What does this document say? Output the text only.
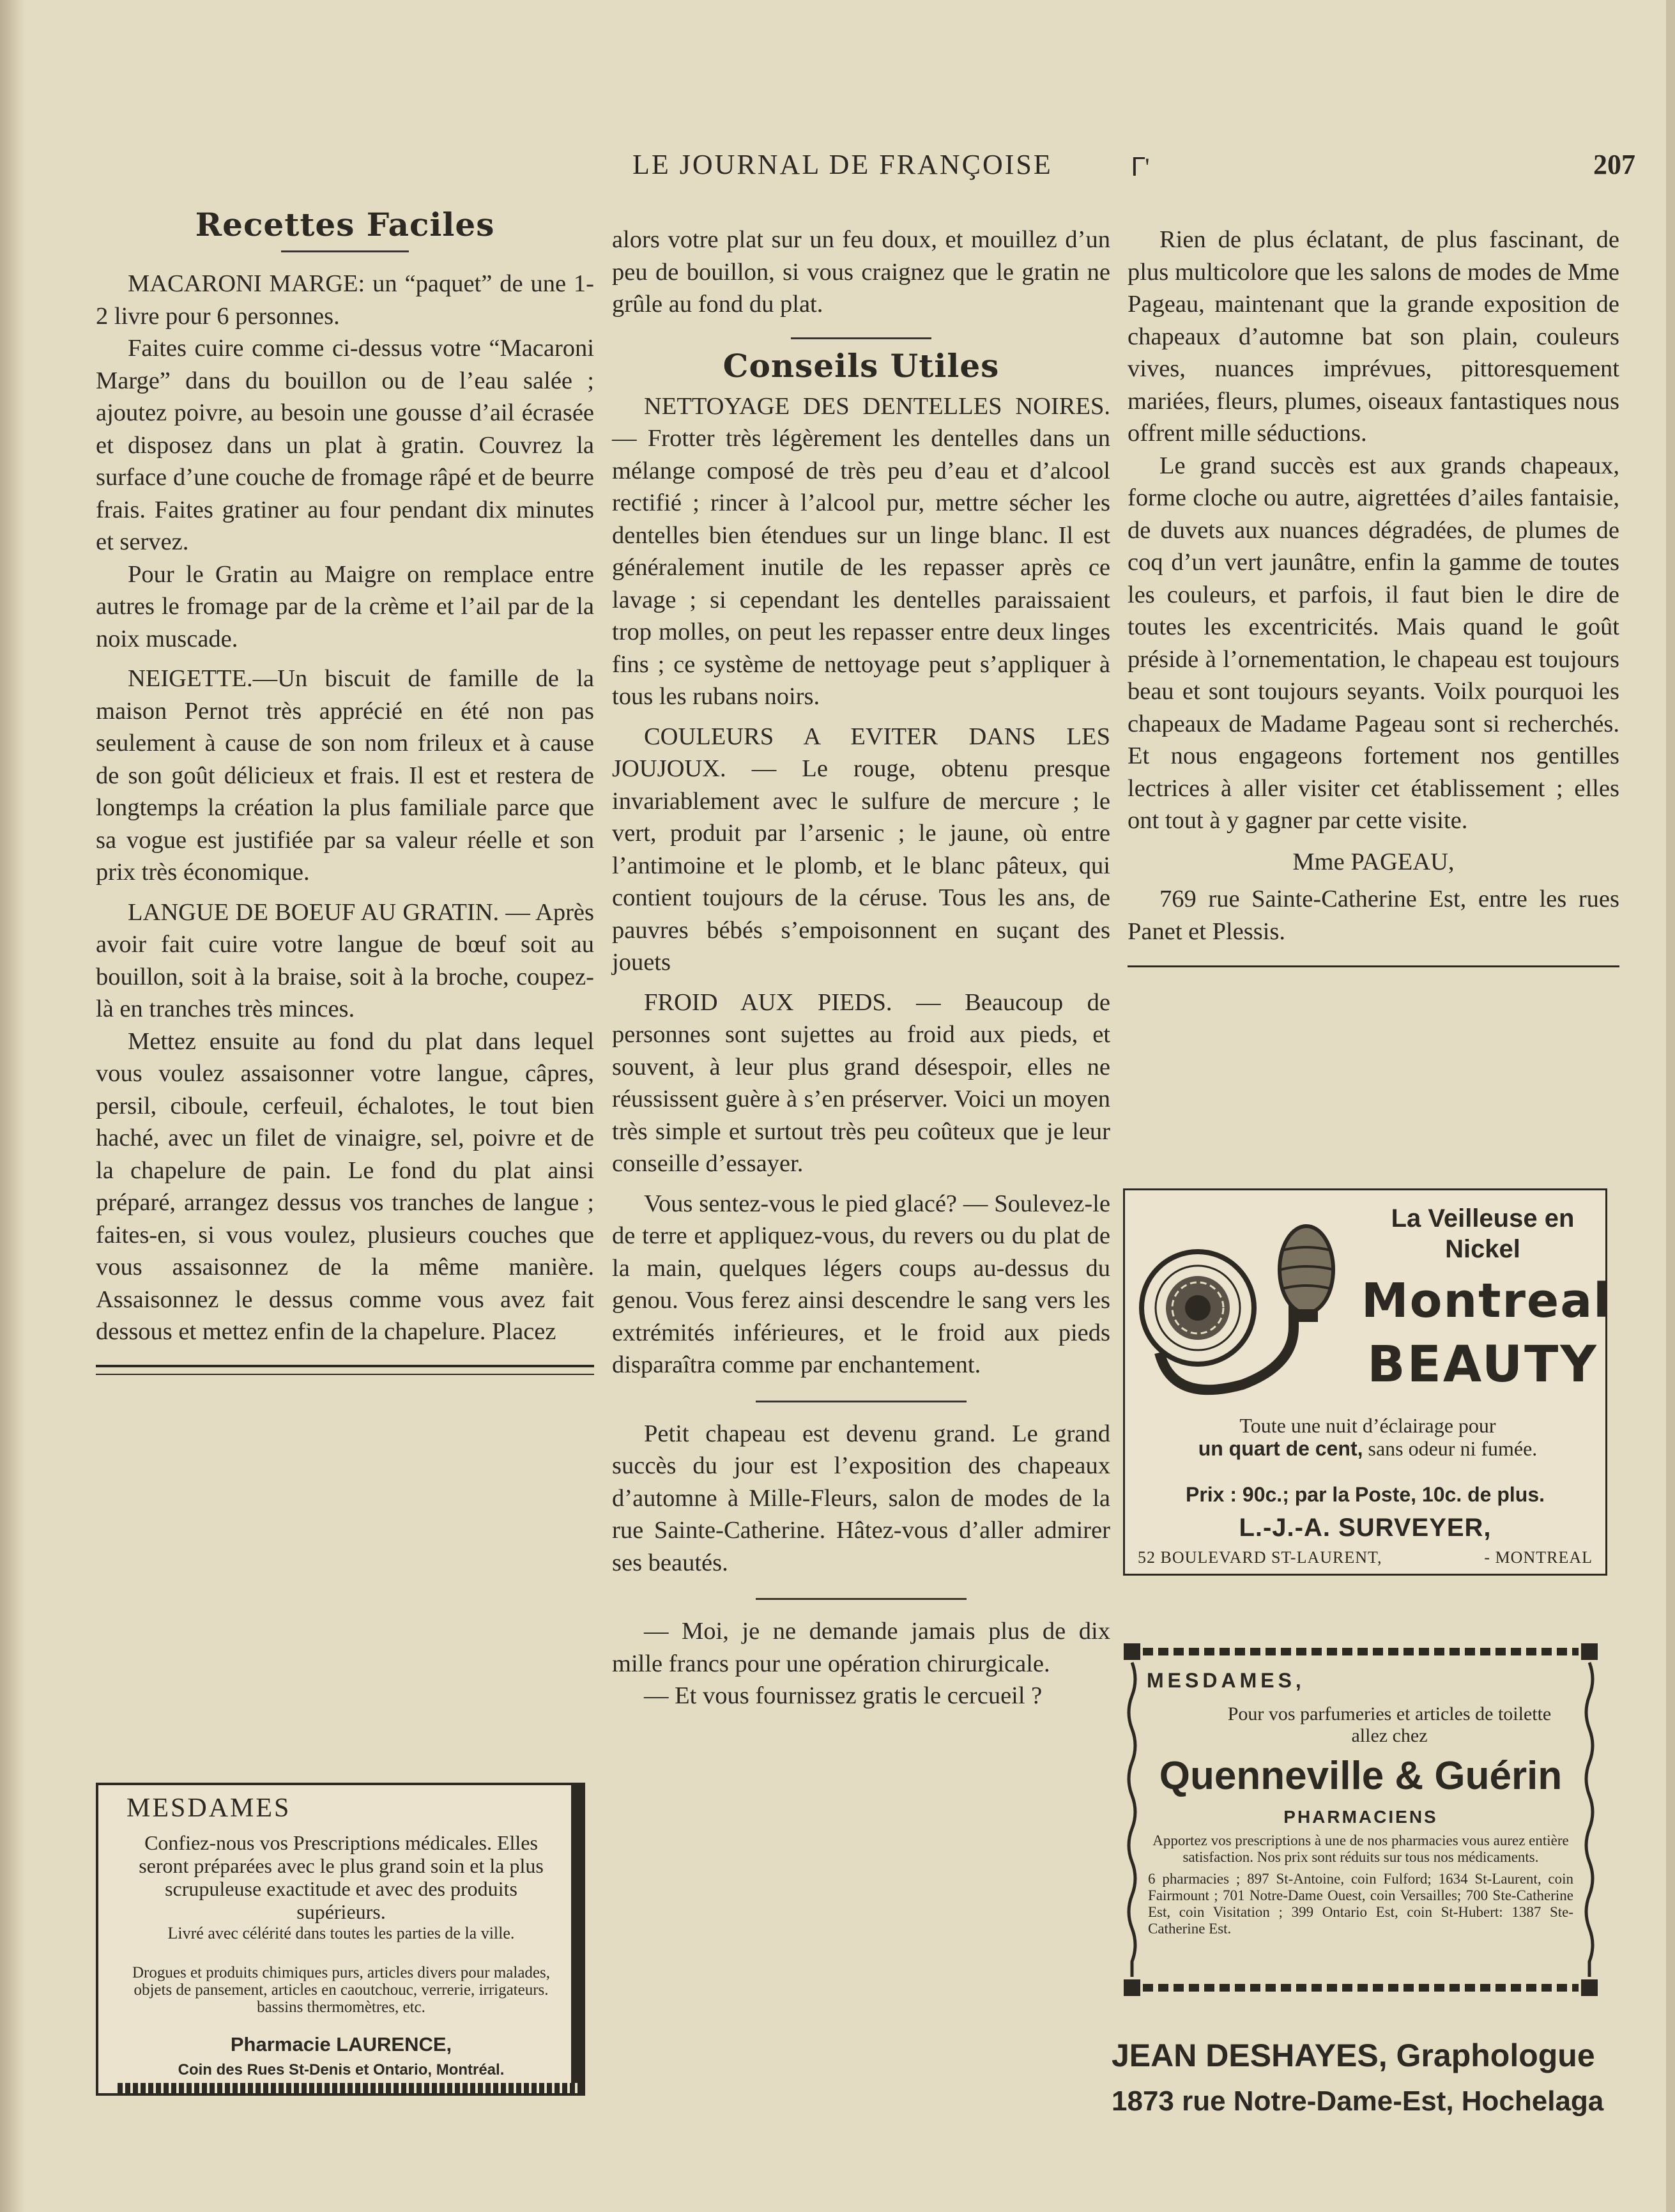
LE JOURNAL DE FRANÇOISE	ᒥ'	207
Recettes Faciles

MACARONI MARGE: un “paquet” de une 1-2 livre pour 6 personnes.

Faites cuire comme ci-dessus votre “Macaroni Marge” dans du bouillon ou de l’eau salée ; ajoutez poivre, au besoin une gousse d’ail écrasée et disposez dans un plat à gratin. Couvrez la surface d’une couche de fromage râpé et de beurre frais. Faites gratiner au four pendant dix minutes et servez.

Pour le Gratin au Maigre on remplace entre autres le fromage par de la crème et l’ail par de la noix muscade.

NEIGETTE.—Un biscuit de famille de la maison Pernot très apprécié en été non pas seulement à cause de son nom frileux et à cause de son goût délicieux et frais. Il est et restera de longtemps la création la plus familiale parce que sa vogue est justifiée par sa valeur réelle et son prix très économique.

LANGUE DE BOEUF AU GRATIN. — Après avoir fait cuire votre langue de bœuf soit au bouillon, soit à la braise, soit à la broche, coupez-là en tranches très minces.

Mettez ensuite au fond du plat dans lequel vous voulez assaisonner votre langue, câpres, persil, ciboule, cerfeuil, échalotes, le tout bien haché, avec un filet de vinaigre, sel, poivre et de la chapelure de pain. Le fond du plat ainsi préparé, arrangez dessus vos tranches de langue ; faites-en, si vous voulez, plusieurs couches que vous assaisonnez de la même manière. Assaisonnez le dessus comme vous avez fait dessous et mettez enfin de la chapelure. Placez

alors votre plat sur un feu doux, et mouillez d’un peu de bouillon, si vous craignez que le gratin ne grûle au fond du plat.

Conseils Utiles

NETTOYAGE DES DENTELLES NOIRES. — Frotter très légèrement les dentelles dans un mélange composé de très peu d’eau et d’alcool rectifié ; rincer à l’alcool pur, mettre sécher les dentelles bien étendues sur un linge blanc. Il est généralement inutile de les repasser après ce lavage ; si cependant les dentelles paraissaient trop molles, on peut les repasser entre deux linges fins ; ce système de nettoyage peut s’appliquer à tous les rubans noirs.

COULEURS A EVITER DANS LES JOUJOUX. — Le rouge, obtenu presque invariablement avec le sulfure de mercure ; le vert, produit par l’arsenic ; le jaune, où entre l’antimoine et le plomb, et le blanc pâteux, qui contient toujours de la céruse. Tous les ans, de pauvres bébés s’empoisonnent en suçant des jouets

FROID AUX PIEDS. — Beaucoup de personnes sont sujettes au froid aux pieds, et souvent, à leur plus grand désespoir, elles ne réussissent guère à s’en préserver. Voici un moyen très simple et surtout très peu coûteux que je leur conseille d’essayer.

Vous sentez-vous le pied glacé? — Soulevez-le de terre et appliquez-vous, du revers ou du plat de la main, quelques légers coups au-dessus du genou. Vous ferez ainsi descendre le sang vers les extrémités inférieures, et le froid aux pieds disparaîtra comme par enchantement.

Petit chapeau est devenu grand. Le grand succès du jour est l’exposition des chapeaux d’automne à Mille-Fleurs, salon de modes de la rue Sainte-Catherine. Hâtez-vous d’aller admirer ses beautés.

— Moi, je ne demande jamais plus de dix mille francs pour une opération chirurgicale.

— Et vous fournissez gratis le cercueil ?

Rien de plus éclatant, de plus fascinant, de plus multicolore que les salons de modes de Mme Pageau, maintenant que la grande exposition de chapeaux d’automne bat son plain, couleurs vives, nuances imprévues, pittoresquement mariées, fleurs, plumes, oiseaux fantastiques nous offrent mille séductions.

Le grand succès est aux grands chapeaux, forme cloche ou autre, aigrettées d’ailes fantaisie, de duvets aux nuances dégradées, de plumes de coq d’un vert jaunâtre, enfin la gamme de toutes les couleurs, et parfois, il faut bien le dire de toutes les excentricités. Mais quand le goût préside à l’ornementation, le chapeau est toujours beau et sont toujours seyants. Voilx pourquoi les chapeaux de Madame Pageau sont si recherchés. Et nous engageons fortement nos gentilles lectrices à aller visiter cet établissement ; elles ont tout à y gagner par cette visite.

Mme PAGEAU,

769 rue Sainte-Catherine Est, entre les rues Panet et Plessis.

MESDAMES
Confiez-nous vos Prescriptions médicales. Elles seront préparées avec le plus grand soin et la plus scrupuleuse exactitude et avec des produits supérieurs.
Livré avec célérité dans toutes les parties de la ville.
Drogues et produits chimiques purs, articles divers pour malades, objets de pansement, articles en caoutchouc, verrerie, irrigateurs. bassins thermomètres, etc.
Pharmacie LAURENCE,
Coin des Rues St-Denis et Ontario, Montréal.
La Veilleuse en Nickel
Montreal
BEAUTY
Toute une nuit d’éclairage pour
un quart de cent, sans odeur ni fumée.
Prix : 90c.; par la Poste, 10c. de plus.
L.-J.-A. SURVEYER,
52 BOULEVARD ST-LAURENT,	- MONTREAL
MESDAMES,
Pour vos parfumeries et articles de toilette allez chez
Quenneville & Guérin
PHARMACIENS
Apportez vos prescriptions à une de nos pharmacies vous aurez entière satisfaction. Nos prix sont réduits sur tous nos médicaments.
6 pharmacies ; 897 St-Antoine, coin Fulford; 1634 St-Laurent, coin Fairmount ; 701 Notre-Dame Ouest, coin Versailles; 700 Ste-Catherine Est, coin Visitation ; 399 Ontario Est, coin St-Hubert: 1387 Ste-Catherine Est.
JEAN DESHAYES, Graphologue
1873 rue Notre-Dame-Est, Hochelaga
